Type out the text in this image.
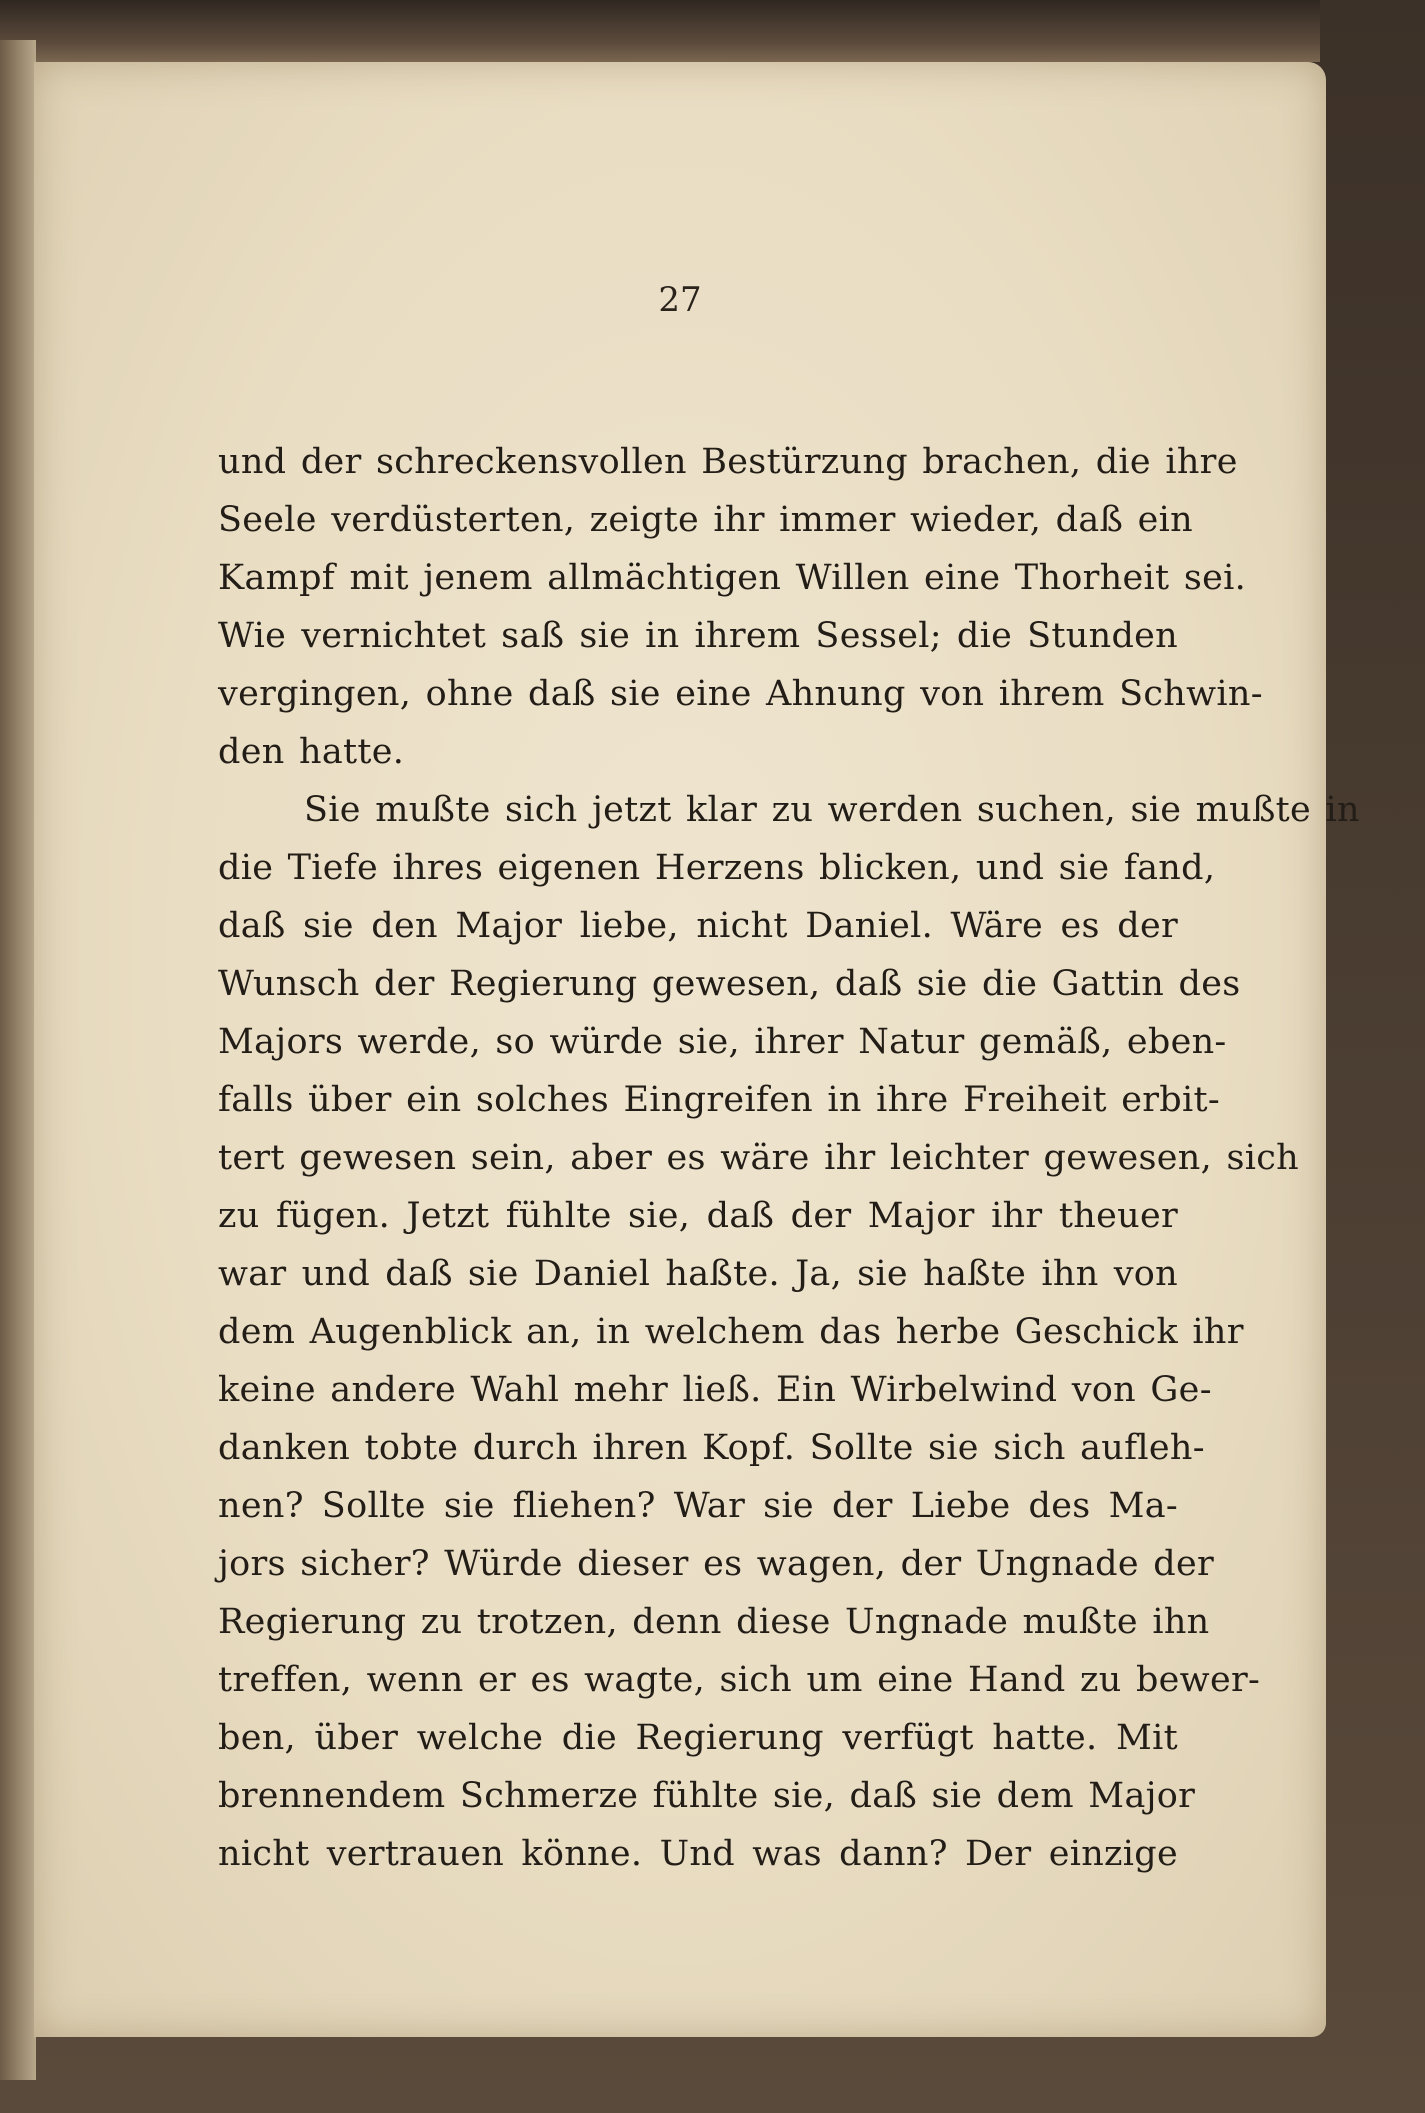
27
und der schreckensvollen Bestürzung brachen, die ihre
Seele verdüsterten, zeigte ihr immer wieder, daß ein
Kampf mit jenem allmächtigen Willen eine Thorheit sei.
Wie vernichtet saß sie in ihrem Sessel; die Stunden
vergingen, ohne daß sie eine Ahnung von ihrem Schwin-
den hatte.
Sie mußte sich jetzt klar zu werden suchen, sie mußte in
die Tiefe ihres eigenen Herzens blicken, und sie fand,
daß sie den Major liebe, nicht Daniel. Wäre es der
Wunsch der Regierung gewesen, daß sie die Gattin des
Majors werde, so würde sie, ihrer Natur gemäß, eben-
falls über ein solches Eingreifen in ihre Freiheit erbit-
tert gewesen sein, aber es wäre ihr leichter gewesen, sich
zu fügen. Jetzt fühlte sie, daß der Major ihr theuer
war und daß sie Daniel haßte. Ja, sie haßte ihn von
dem Augenblick an, in welchem das herbe Geschick ihr
keine andere Wahl mehr ließ. Ein Wirbelwind von Ge-
danken tobte durch ihren Kopf. Sollte sie sich aufleh-
nen? Sollte sie fliehen? War sie der Liebe des Ma-
jors sicher? Würde dieser es wagen, der Ungnade der
Regierung zu trotzen, denn diese Ungnade mußte ihn
treffen, wenn er es wagte, sich um eine Hand zu bewer-
ben, über welche die Regierung verfügt hatte. Mit
brennendem Schmerze fühlte sie, daß sie dem Major
nicht vertrauen könne. Und was dann? Der einzige
